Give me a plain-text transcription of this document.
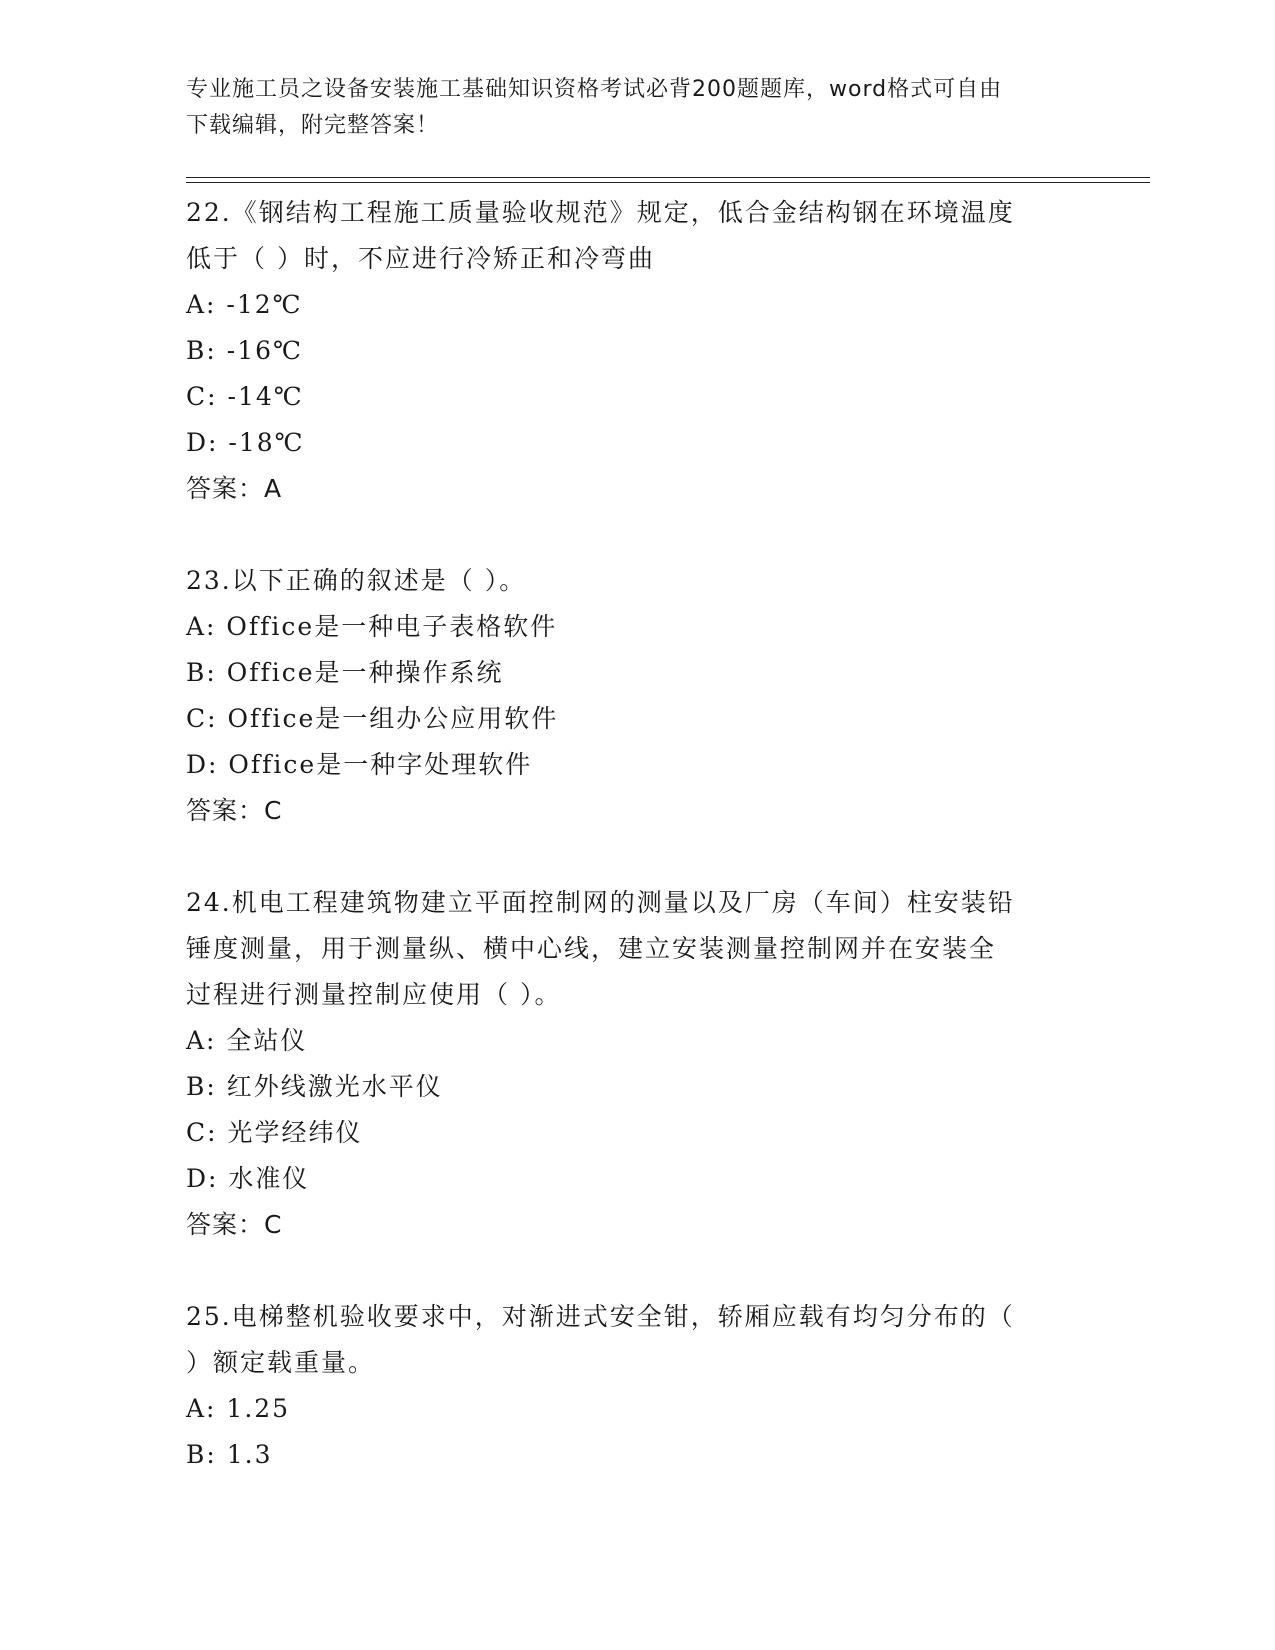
专业施工员之设备安装施工基础知识资格考试必背200题题库，word格式可自由
下载编辑，附完整答案！
22.《钢结构工程施工质量验收规范》规定，低合金结构钢在环境温度
低于（ ）时，不应进行冷矫正和冷弯曲
A: -12℃
B: -16℃
C: -14℃
D: -18℃
答案：A
23.以下正确的叙述是（ ）。
A: Office是一种电子表格软件
B: Office是一种操作系统
C: Office是一组办公应用软件
D: Office是一种字处理软件
答案：C
24.机电工程建筑物建立平面控制网的测量以及厂房（车间）柱安装铅
锤度测量，用于测量纵、横中心线，建立安装测量控制网并在安装全
过程进行测量控制应使用（ ）。
A: 全站仪
B: 红外线激光水平仪
C: 光学经纬仪
D: 水准仪
答案：C
25.电梯整机验收要求中，对渐进式安全钳，轿厢应载有均匀分布的（
）额定载重量。
A: 1.25
B: 1.3
